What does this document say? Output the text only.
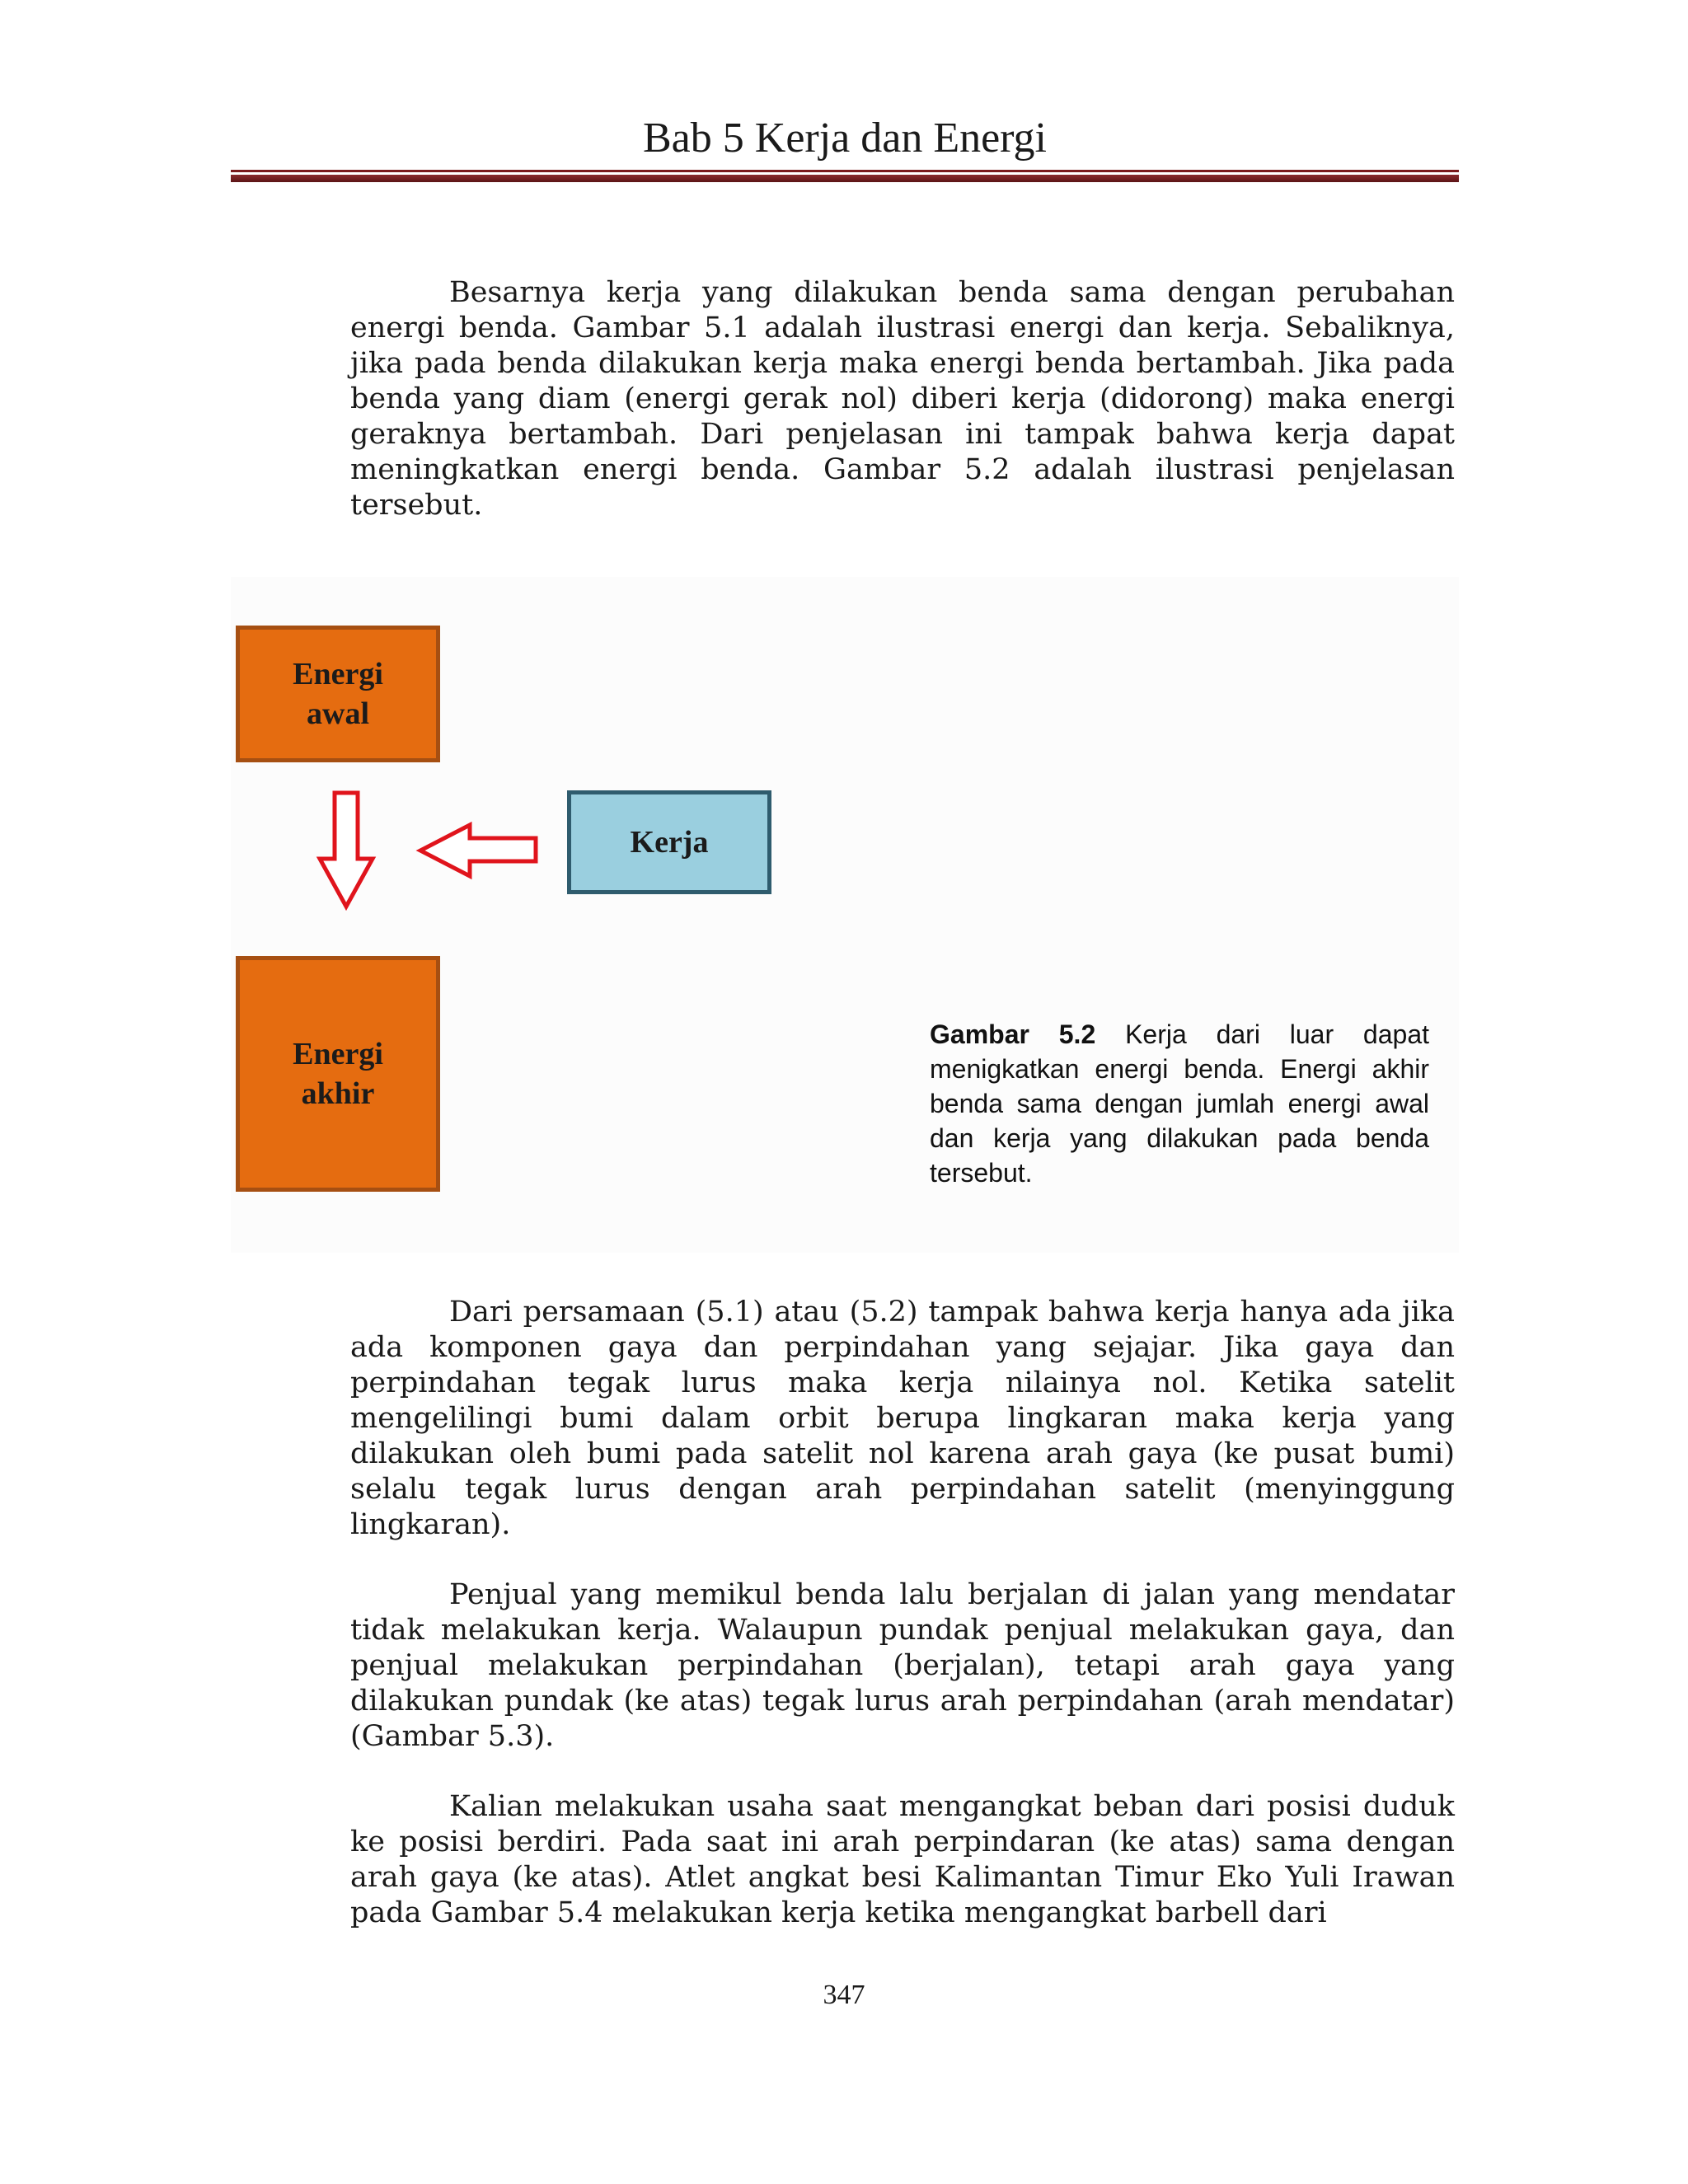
Bab 5 Kerja dan Energi

Besarnya kerja yang dilakukan benda sama dengan perubahan energi benda. Gambar 5.1 adalah ilustrasi energi dan kerja. Sebaliknya, jika pada benda dilakukan kerja maka energi benda bertambah. Jika pada benda yang diam (energi gerak nol) diberi kerja (didorong) maka energi geraknya bertambah. Dari penjelasan ini tampak bahwa kerja dapat meningkatkan energi benda. Gambar 5.2 adalah ilustrasi penjelasan tersebut.

Energi
awal
Kerja
Energi
akhir
Gambar 5.2 Kerja dari luar dapat menigkatkan energi benda. Energi akhir benda sama dengan jumlah energi awal dan kerja yang dilakukan pada benda tersebut.

Dari persamaan (5.1) atau (5.2) tampak bahwa kerja hanya ada jika ada komponen gaya dan perpindahan yang sejajar. Jika gaya dan perpindahan tegak lurus maka kerja nilainya nol. Ketika satelit mengelilingi bumi dalam orbit berupa lingkaran maka kerja yang dilakukan oleh bumi pada satelit nol karena arah gaya (ke pusat bumi) selalu tegak lurus dengan arah perpindahan satelit (menyinggung lingkaran).

Penjual yang memikul benda lalu berjalan di jalan yang mendatar tidak melakukan kerja. Walaupun pundak penjual melakukan gaya, dan penjual melakukan perpindahan (berjalan), tetapi arah gaya yang dilakukan pundak (ke atas) tegak lurus arah perpindahan (arah mendatar) (Gambar 5.3).

Kalian melakukan usaha saat mengangkat beban dari posisi duduk ke posisi berdiri. Pada saat ini arah perpindaran (ke atas) sama dengan arah gaya (ke atas). Atlet angkat besi Kalimantan Timur Eko Yuli Irawan pada Gambar 5.4 melakukan kerja ketika mengangkat barbell dari

347
